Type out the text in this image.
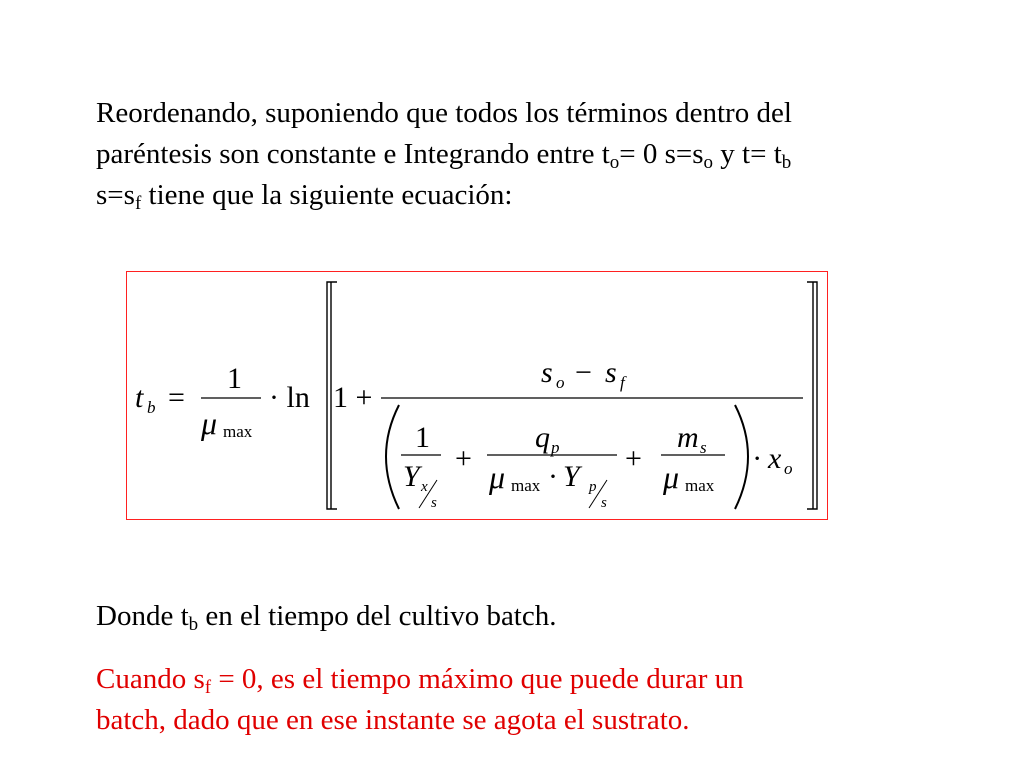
Reordenando, suponiendo que todos los términos dentro del
paréntesis son constante e Integrando entre $t_o= 0$ $s=s_o$ y $t= t_b$
$s=s_f$ tiene que la siguiente ecuación:
t b =
1
μ max
· ln 1 +
s o − s f
1
Y x
s
+
q p
μ max · Y p
s
+
m s
μ max
· x o
Donde $t_b$ en el tiempo del cultivo batch.
Cuando $s_f = 0$, es el tiempo máximo que puede durar un
batch, dado que en ese instante se agota el sustrato.
